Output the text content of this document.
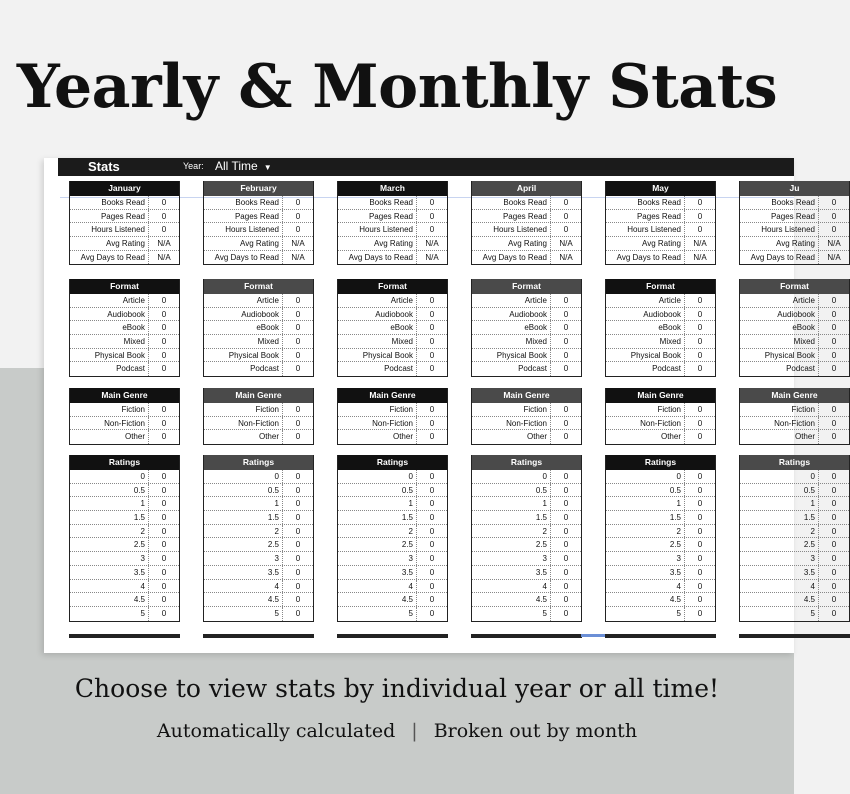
Yearly & Monthly Stats
Stats	Year: All Time ▼
January
Books Read	0
Pages Read	0
Hours Listened	0
Avg Rating	N/A
Avg Days to Read	N/A
Format
Article	0
Audiobook	0
eBook	0
Mixed	0
Physical Book	0
Podcast	0
Main Genre
Fiction	0
Non-Fiction	0
Other	0
Ratings
0	0
0.5	0
1	0
1.5	0
2	0
2.5	0
3	0
3.5	0
4	0
4.5	0
5	0
February
Books Read	0
Pages Read	0
Hours Listened	0
Avg Rating	N/A
Avg Days to Read	N/A
Format
Article	0
Audiobook	0
eBook	0
Mixed	0
Physical Book	0
Podcast	0
Main Genre
Fiction	0
Non-Fiction	0
Other	0
Ratings
0	0
0.5	0
1	0
1.5	0
2	0
2.5	0
3	0
3.5	0
4	0
4.5	0
5	0
March
Books Read	0
Pages Read	0
Hours Listened	0
Avg Rating	N/A
Avg Days to Read	N/A
Format
Article	0
Audiobook	0
eBook	0
Mixed	0
Physical Book	0
Podcast	0
Main Genre
Fiction	0
Non-Fiction	0
Other	0
Ratings
0	0
0.5	0
1	0
1.5	0
2	0
2.5	0
3	0
3.5	0
4	0
4.5	0
5	0
April
Books Read	0
Pages Read	0
Hours Listened	0
Avg Rating	N/A
Avg Days to Read	N/A
Format
Article	0
Audiobook	0
eBook	0
Mixed	0
Physical Book	0
Podcast	0
Main Genre
Fiction	0
Non-Fiction	0
Other	0
Ratings
0	0
0.5	0
1	0
1.5	0
2	0
2.5	0
3	0
3.5	0
4	0
4.5	0
5	0
May
Books Read	0
Pages Read	0
Hours Listened	0
Avg Rating	N/A
Avg Days to Read	N/A
Format
Article	0
Audiobook	0
eBook	0
Mixed	0
Physical Book	0
Podcast	0
Main Genre
Fiction	0
Non-Fiction	0
Other	0
Ratings
0	0
0.5	0
1	0
1.5	0
2	0
2.5	0
3	0
3.5	0
4	0
4.5	0
5	0
Ju
Books Read	0
Pages Read	0
Hours Listened	0
Avg Rating	N/A
Avg Days to Read	N/A
Format
Article	0
Audiobook	0
eBook	0
Mixed	0
Physical Book	0
Podcast	0
Main Genre
Fiction	0
Non-Fiction	0
Other	0
Ratings
0	0
0.5	0
1	0
1.5	0
2	0
2.5	0
3	0
3.5	0
4	0
4.5	0
5	0

Choose to view stats by individual year or all time!

Automatically calculated | Broken out by month
